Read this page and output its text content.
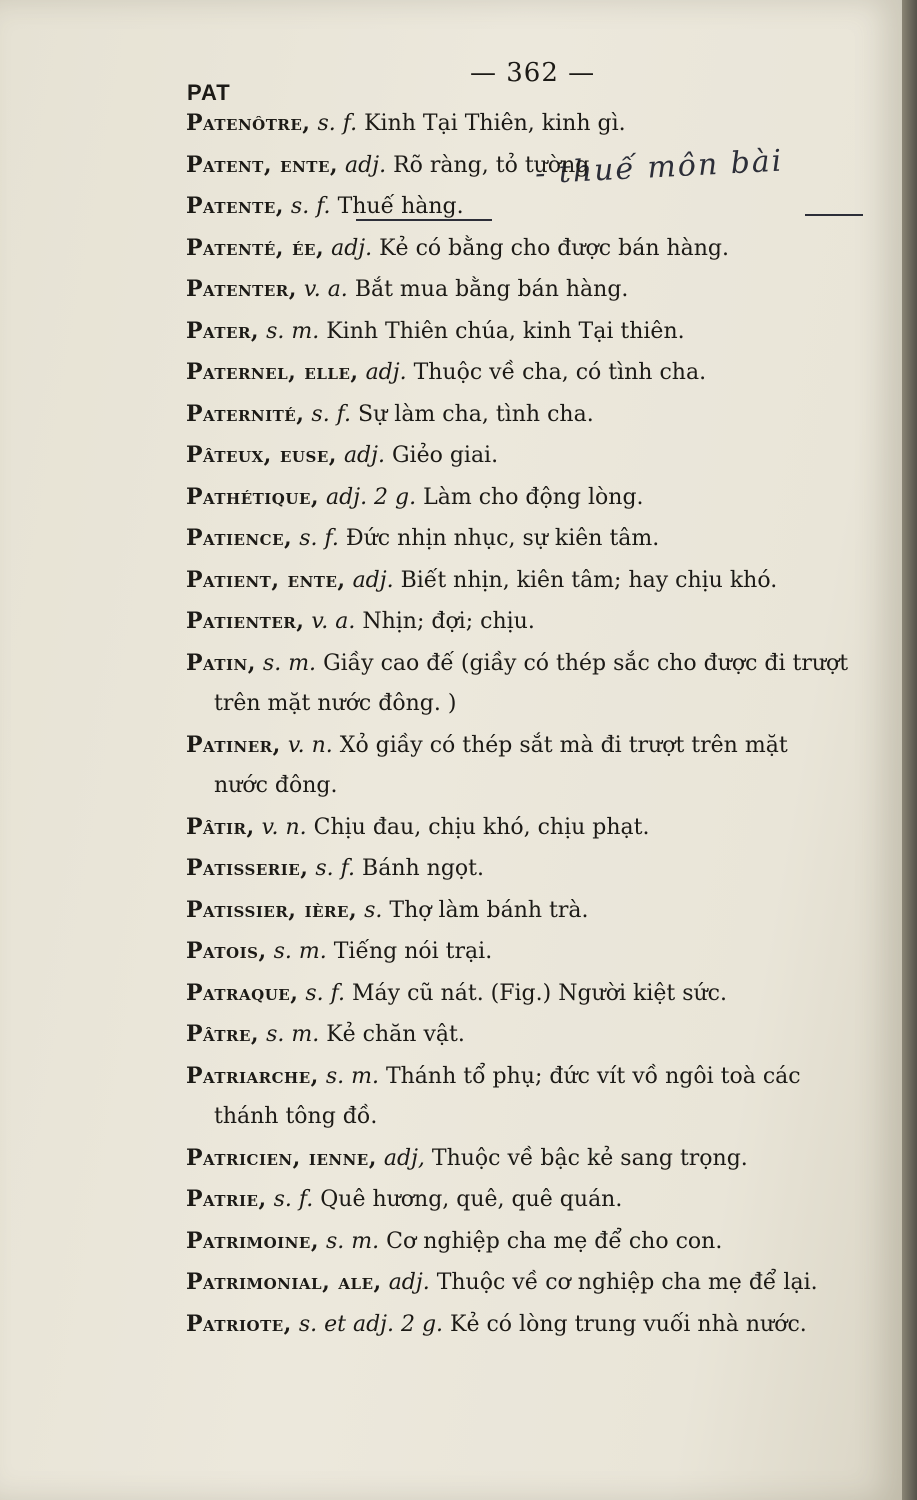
PAT
— 362 —
- thuế môn bài
Patenôtre, s. f. Kinh Tại Thiên, kinh gì.
Patent, ente, adj. Rõ ràng, tỏ tường
Patente, s. f. Thuế hàng.
Patenté, ée, adj. Kẻ có bằng cho được bán hàng.
Patenter, v. a. Bắt mua bằng bán hàng.
Pater, s. m. Kinh Thiên chúa, kinh Tại thiên.
Paternel, elle, adj. Thuộc về cha, có tình cha.
Paternité, s. f. Sự làm cha, tình cha.
Pâteux, euse, adj. Giẻo giai.
Pathétique, adj. 2 g. Làm cho động lòng.
Patience, s. f. Đức nhịn nhục, sự kiên tâm.
Patient, ente, adj. Biết nhịn, kiên tâm; hay chịu khó.
Patienter, v. a. Nhịn; đợi; chịu.
Patin, s. m. Giầy cao đế (giầy có thép sắc cho được đi trượt
trên mặt nước đông. )
Patiner, v. n. Xỏ giầy có thép sắt mà đi trượt trên mặt
nước đông.
Pâtir, v. n. Chịu đau, chịu khó, chịu phạt.
Patisserie, s. f. Bánh ngọt.
Patissier, ière, s. Thợ làm bánh trà.
Patois, s. m. Tiếng nói trại.
Patraque, s. f. Máy cũ nát. (Fig.) Người kiệt sức.
Pâtre, s. m. Kẻ chăn vật.
Patriarche, s. m. Thánh tổ phụ; đức vít vồ ngôi toà các
thánh tông đồ.
Patricien, ienne, adj, Thuộc về bậc kẻ sang trọng.
Patrie, s. f. Quê hương, quê, quê quán.
Patrimoine, s. m. Cơ nghiệp cha mẹ để cho con.
Patrimonial, ale, adj. Thuộc về cơ nghiệp cha mẹ để lại.
Patriote, s. et adj. 2 g. Kẻ có lòng trung vuối nhà nước.
